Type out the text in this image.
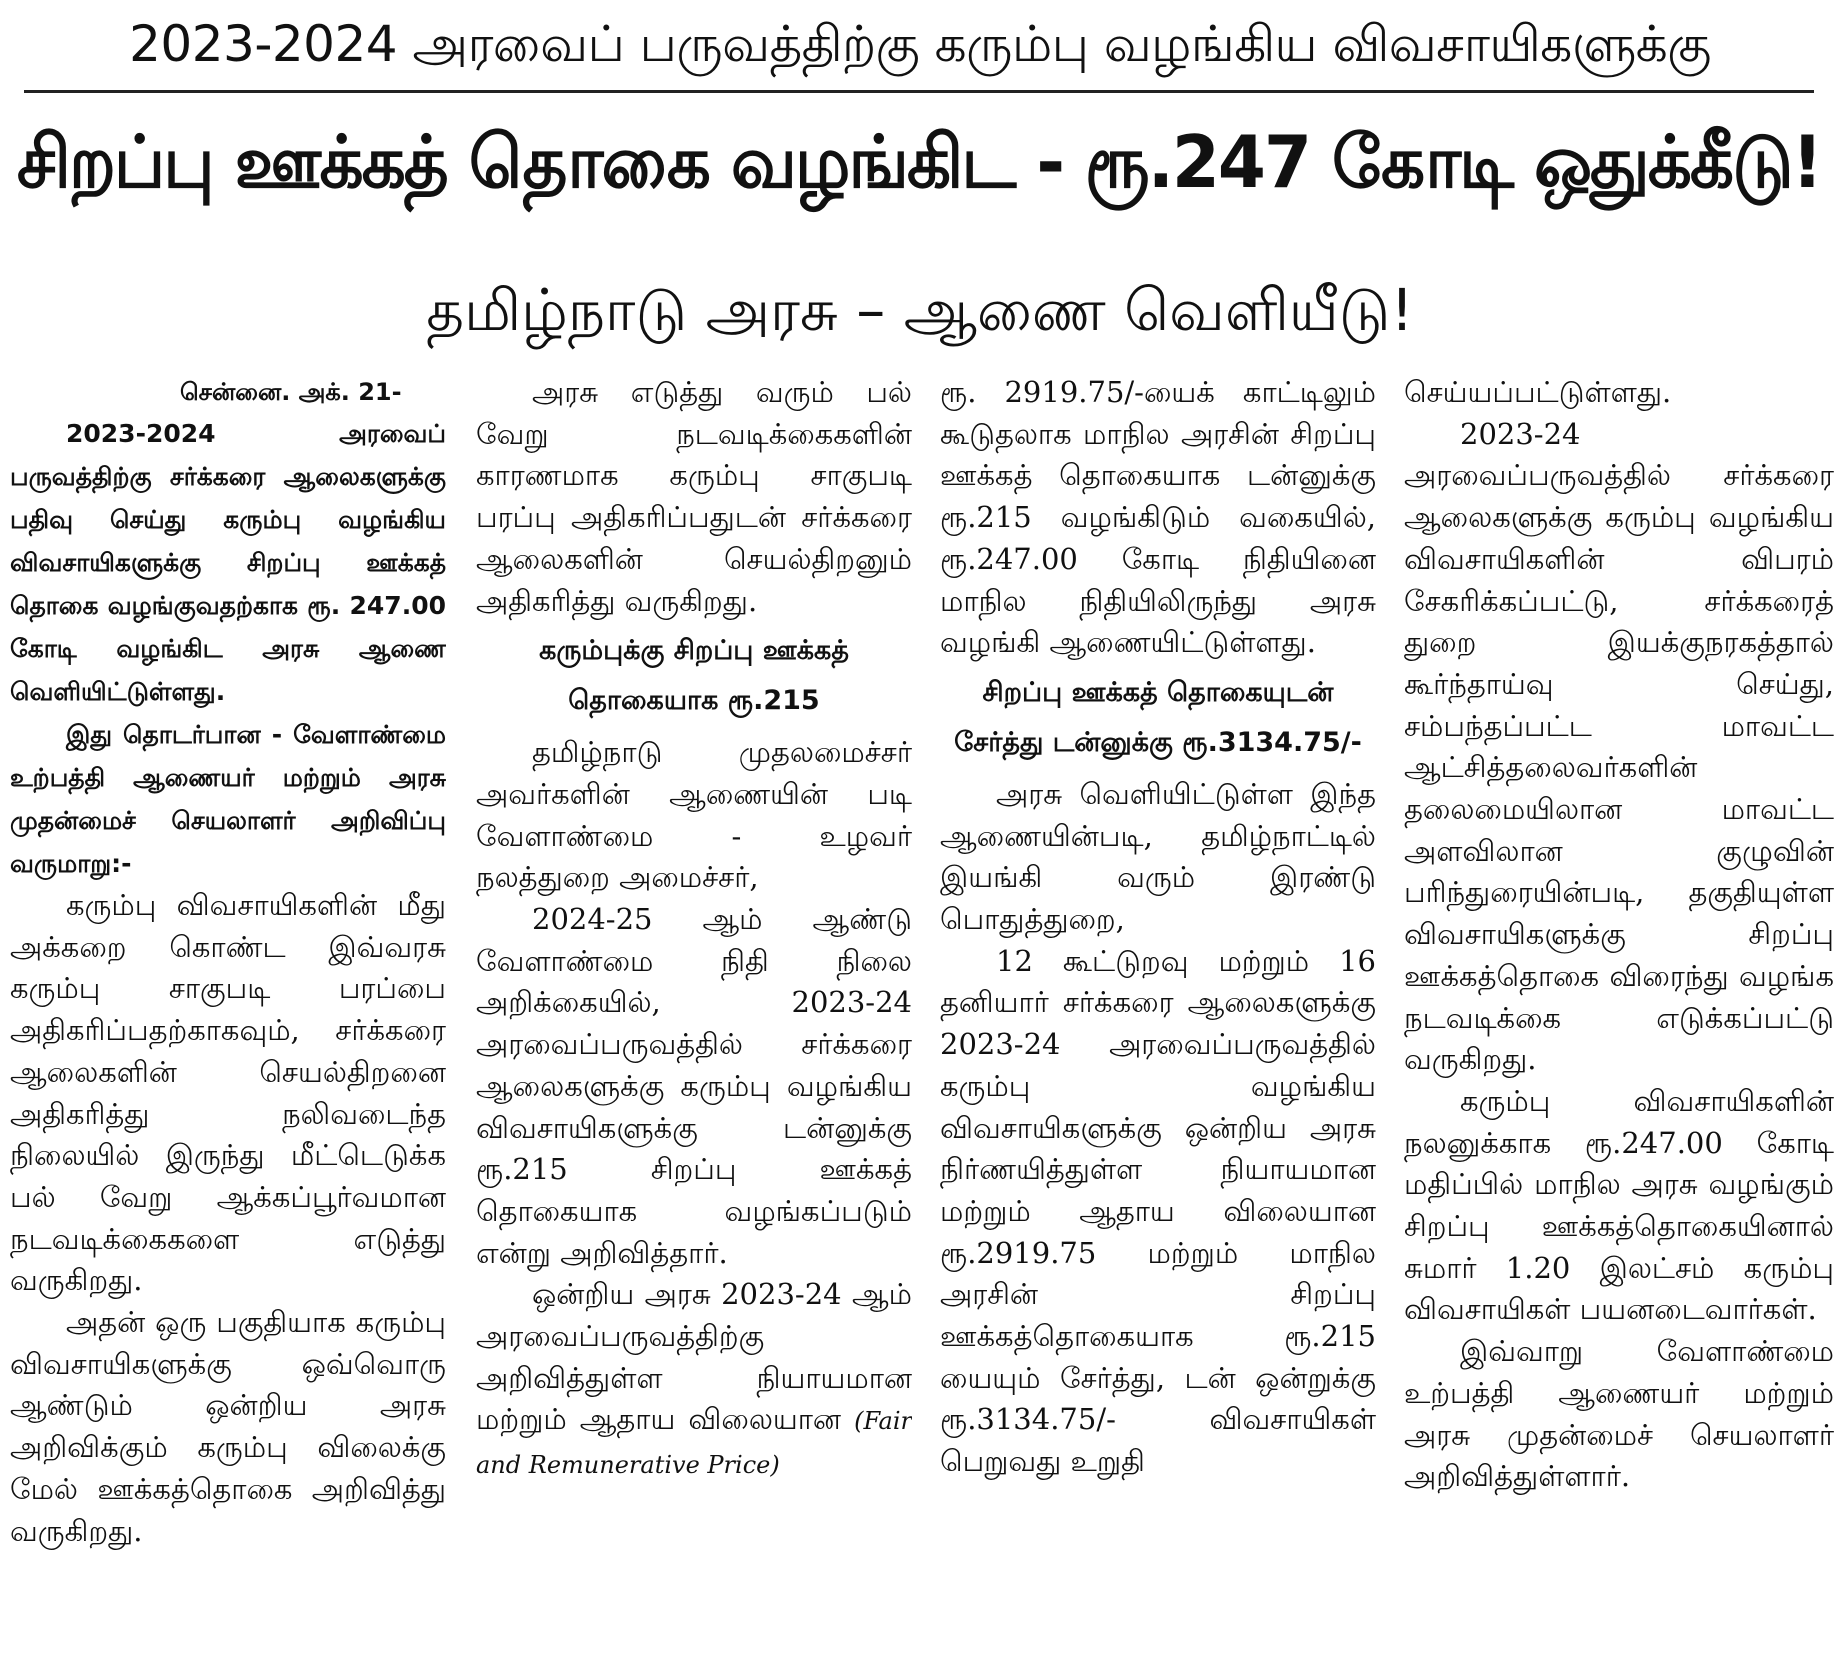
2023-2024 அரவைப் பருவத்திற்கு கரும்பு வழங்கிய விவசாயிகளுக்கு
சிறப்பு ஊக்கத் தொகை வழங்கிட - ரூ.247 கோடி ஒதுக்கீடு!
தமிழ்நாடு அரசு – ஆணை வெளியீடு!

சென்னை. அக். 21-

2023-2024 அரவைப் பருவத்திற்கு சர்க்கரை ஆலைகளுக்கு பதிவு செய்து கரும்பு வழங்கிய விவசாயிகளுக்கு சிறப்பு ஊக்கத் தொகை வழங்குவதற்காக ரூ. 247.00 கோடி வழங்கிட அரசு ஆணை வெளியிட்டுள்ளது.

இது தொடர்பான - வேளாண்மை உற்பத்தி ஆணையர் மற்றும் அரசு முதன்மைச் செயலாளர் அறிவிப்பு வருமாறு:-

கரும்பு விவசாயிகளின் மீது அக்கறை கொண்ட இவ்வரசு கரும்பு சாகுபடி பரப்பை அதிகரிப்பதற்காகவும், சர்க்கரை ஆலைகளின் செயல்திறனை அதிகரித்து நலிவடைந்த நிலையில் இருந்து மீட்டெடுக்க பல் வேறு ஆக்கப்பூர்வமான நடவடிக்கைகளை எடுத்து வருகிறது.

அதன் ஒரு பகுதியாக கரும்பு விவசாயிகளுக்கு ஒவ்வொரு ஆண்டும் ஒன்றிய அரசு அறிவிக்கும் கரும்பு விலைக்கு மேல் ஊக்கத்தொகை அறிவித்து வருகிறது.

அரசு எடுத்து வரும் பல் வேறு நடவடிக்கைகளின் காரணமாக கரும்பு சாகுபடி பரப்பு அதிகரிப்பதுடன் சர்க்கரை ஆலைகளின் செயல்திறனும் அதிகரித்து வருகிறது.

கரும்புக்கு சிறப்பு ஊக்கத் தொகையாக ரூ.215

தமிழ்நாடு முதலமைச்சர் அவர்களின் ஆணையின் படி வேளாண்மை - உழவர் நலத்துறை அமைச்சர்,

2024-25 ஆம் ஆண்டு வேளாண்மை நிதி நிலை அறிக்கையில், 2023-24 அரவைப்பருவத்தில் சர்க்கரை ஆலைகளுக்கு கரும்பு வழங்கிய விவசாயிகளுக்கு டன்னுக்கு ரூ.215 சிறப்பு ஊக்கத் தொகையாக வழங்கப்படும் என்று அறிவித்தார்.

ஒன்றிய அரசு 2023-24 ஆம் அரவைப்பருவத்திற்கு அறிவித்துள்ள நியாயமான மற்றும் ஆதாய விலையான (Fair and Remunerative Price)

ரூ. 2919.75/-யைக் காட்டிலும் கூடுதலாக மாநில அரசின் சிறப்பு ஊக்கத் தொகையாக டன்னுக்கு ரூ.215 வழங்கிடும் வகையில், ரூ.247.00 கோடி நிதியினை மாநில நிதியிலிருந்து அரசு வழங்கி ஆணையிட்டுள்ளது.

சிறப்பு ஊக்கத் தொகையுடன் சேர்த்து டன்னுக்கு ரூ.3134.75/-

அரசு வெளியிட்டுள்ள இந்த ஆணையின்படி, தமிழ்நாட்டில் இயங்கி வரும் இரண்டு பொதுத்துறை,

12 கூட்டுறவு மற்றும் 16 தனியார் சர்க்கரை ஆலைகளுக்கு 2023-24 அரவைப்பருவத்தில் கரும்பு வழங்கிய விவசாயிகளுக்கு ஒன்றிய அரசு நிர்ணயித்துள்ள நியாயமான மற்றும் ஆதாய விலையான ரூ.2919.75 மற்றும் மாநில அரசின் சிறப்பு ஊக்கத்தொகையாக ரூ.215 யையும் சேர்த்து, டன் ஒன்றுக்கு ரூ.3134.75/- விவசாயிகள் பெறுவது உறுதி

செய்யப்பட்டுள்ளது.

2023-24 அரவைப்பருவத்தில் சர்க்கரை ஆலைகளுக்கு கரும்பு வழங்கிய விவசாயிகளின் விபரம் சேகரிக்கப்பட்டு, சர்க்கரைத் துறை இயக்குநரகத்தால் கூர்ந்தாய்வு செய்து, சம்பந்தப்பட்ட மாவட்ட ஆட்சித்தலைவர்களின் தலைமையிலான மாவட்ட அளவிலான குழுவின் பரிந்துரையின்படி, தகுதியுள்ள விவசாயிகளுக்கு சிறப்பு ஊக்கத்தொகை விரைந்து வழங்க நடவடிக்கை எடுக்கப்பட்டு வருகிறது.

கரும்பு விவசாயிகளின் நலனுக்காக ரூ.247.00 கோடி மதிப்பில் மாநில அரசு வழங்கும் சிறப்பு ஊக்கத்தொகையினால் சுமார் 1.20 இலட்சம் கரும்பு விவசாயிகள் பயனடைவார்கள்.

இவ்வாறு வேளாண்மை உற்பத்தி ஆணையர் மற்றும் அரசு முதன்மைச் செயலாளர் அறிவித்துள்ளார்.
